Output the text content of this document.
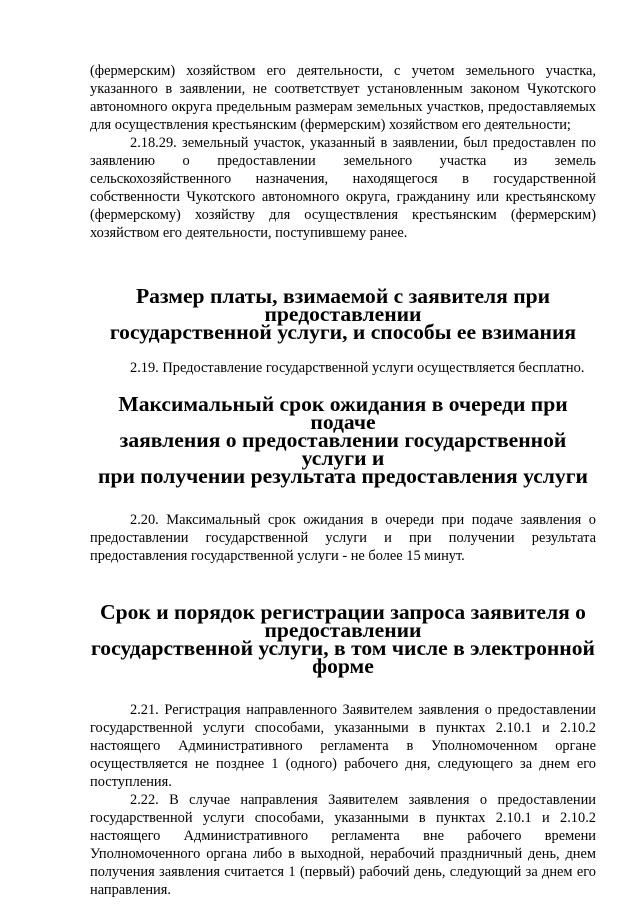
(фермерским) хозяйством его деятельности, с учетом земельного участка, указанного в заявлении, не соответствует установленным законом Чукотского автономного округа предельным размерам земельных участков, предоставляемых для осуществления крестьянским (фермерским) хозяйством его деятельности;

2.18.29. земельный участок, указанный в заявлении, был предоставлен по заявлению о предоставлении земельного участка из земель сельскохозяйственного назначения, находящегося в государственной собственности Чукотского автономного округа, гражданину или крестьянскому (фермерскому) хозяйству для осуществления крестьянским (фермерским) хозяйством его деятельности, поступившему ранее.

Размер платы, взимаемой с заявителя при предоставлении
государственной услуги, и способы ее взимания

2.19. Предоставление государственной услуги осуществляется бесплатно.

Максимальный срок ожидания в очереди при подаче
заявления о предоставлении государственной услуги и
при получении результата предоставления услуги

2.20. Максимальный срок ожидания в очереди при подаче заявления о предоставлении государственной услуги и при получении результата предоставления государственной услуги - не более 15 минут.

Срок и порядок регистрации запроса заявителя о предоставлении
государственной услуги, в том числе в электронной форме

2.21. Регистрация направленного Заявителем заявления о предоставлении государственной услуги способами, указанными в пунктах 2.10.1 и 2.10.2 настоящего Административного регламента в Уполномоченном органе осуществляется не позднее 1 (одного) рабочего дня, следующего за днем его поступления.

2.22. В случае направления Заявителем заявления о предоставлении государственной услуги способами, указанными в пунктах 2.10.1 и 2.10.2 настоящего Административного регламента вне рабочего времени Уполномоченного органа либо в выходной, нерабочий праздничный день, днем получения заявления считается 1 (первый) рабочий день, следующий за днем его направления.
